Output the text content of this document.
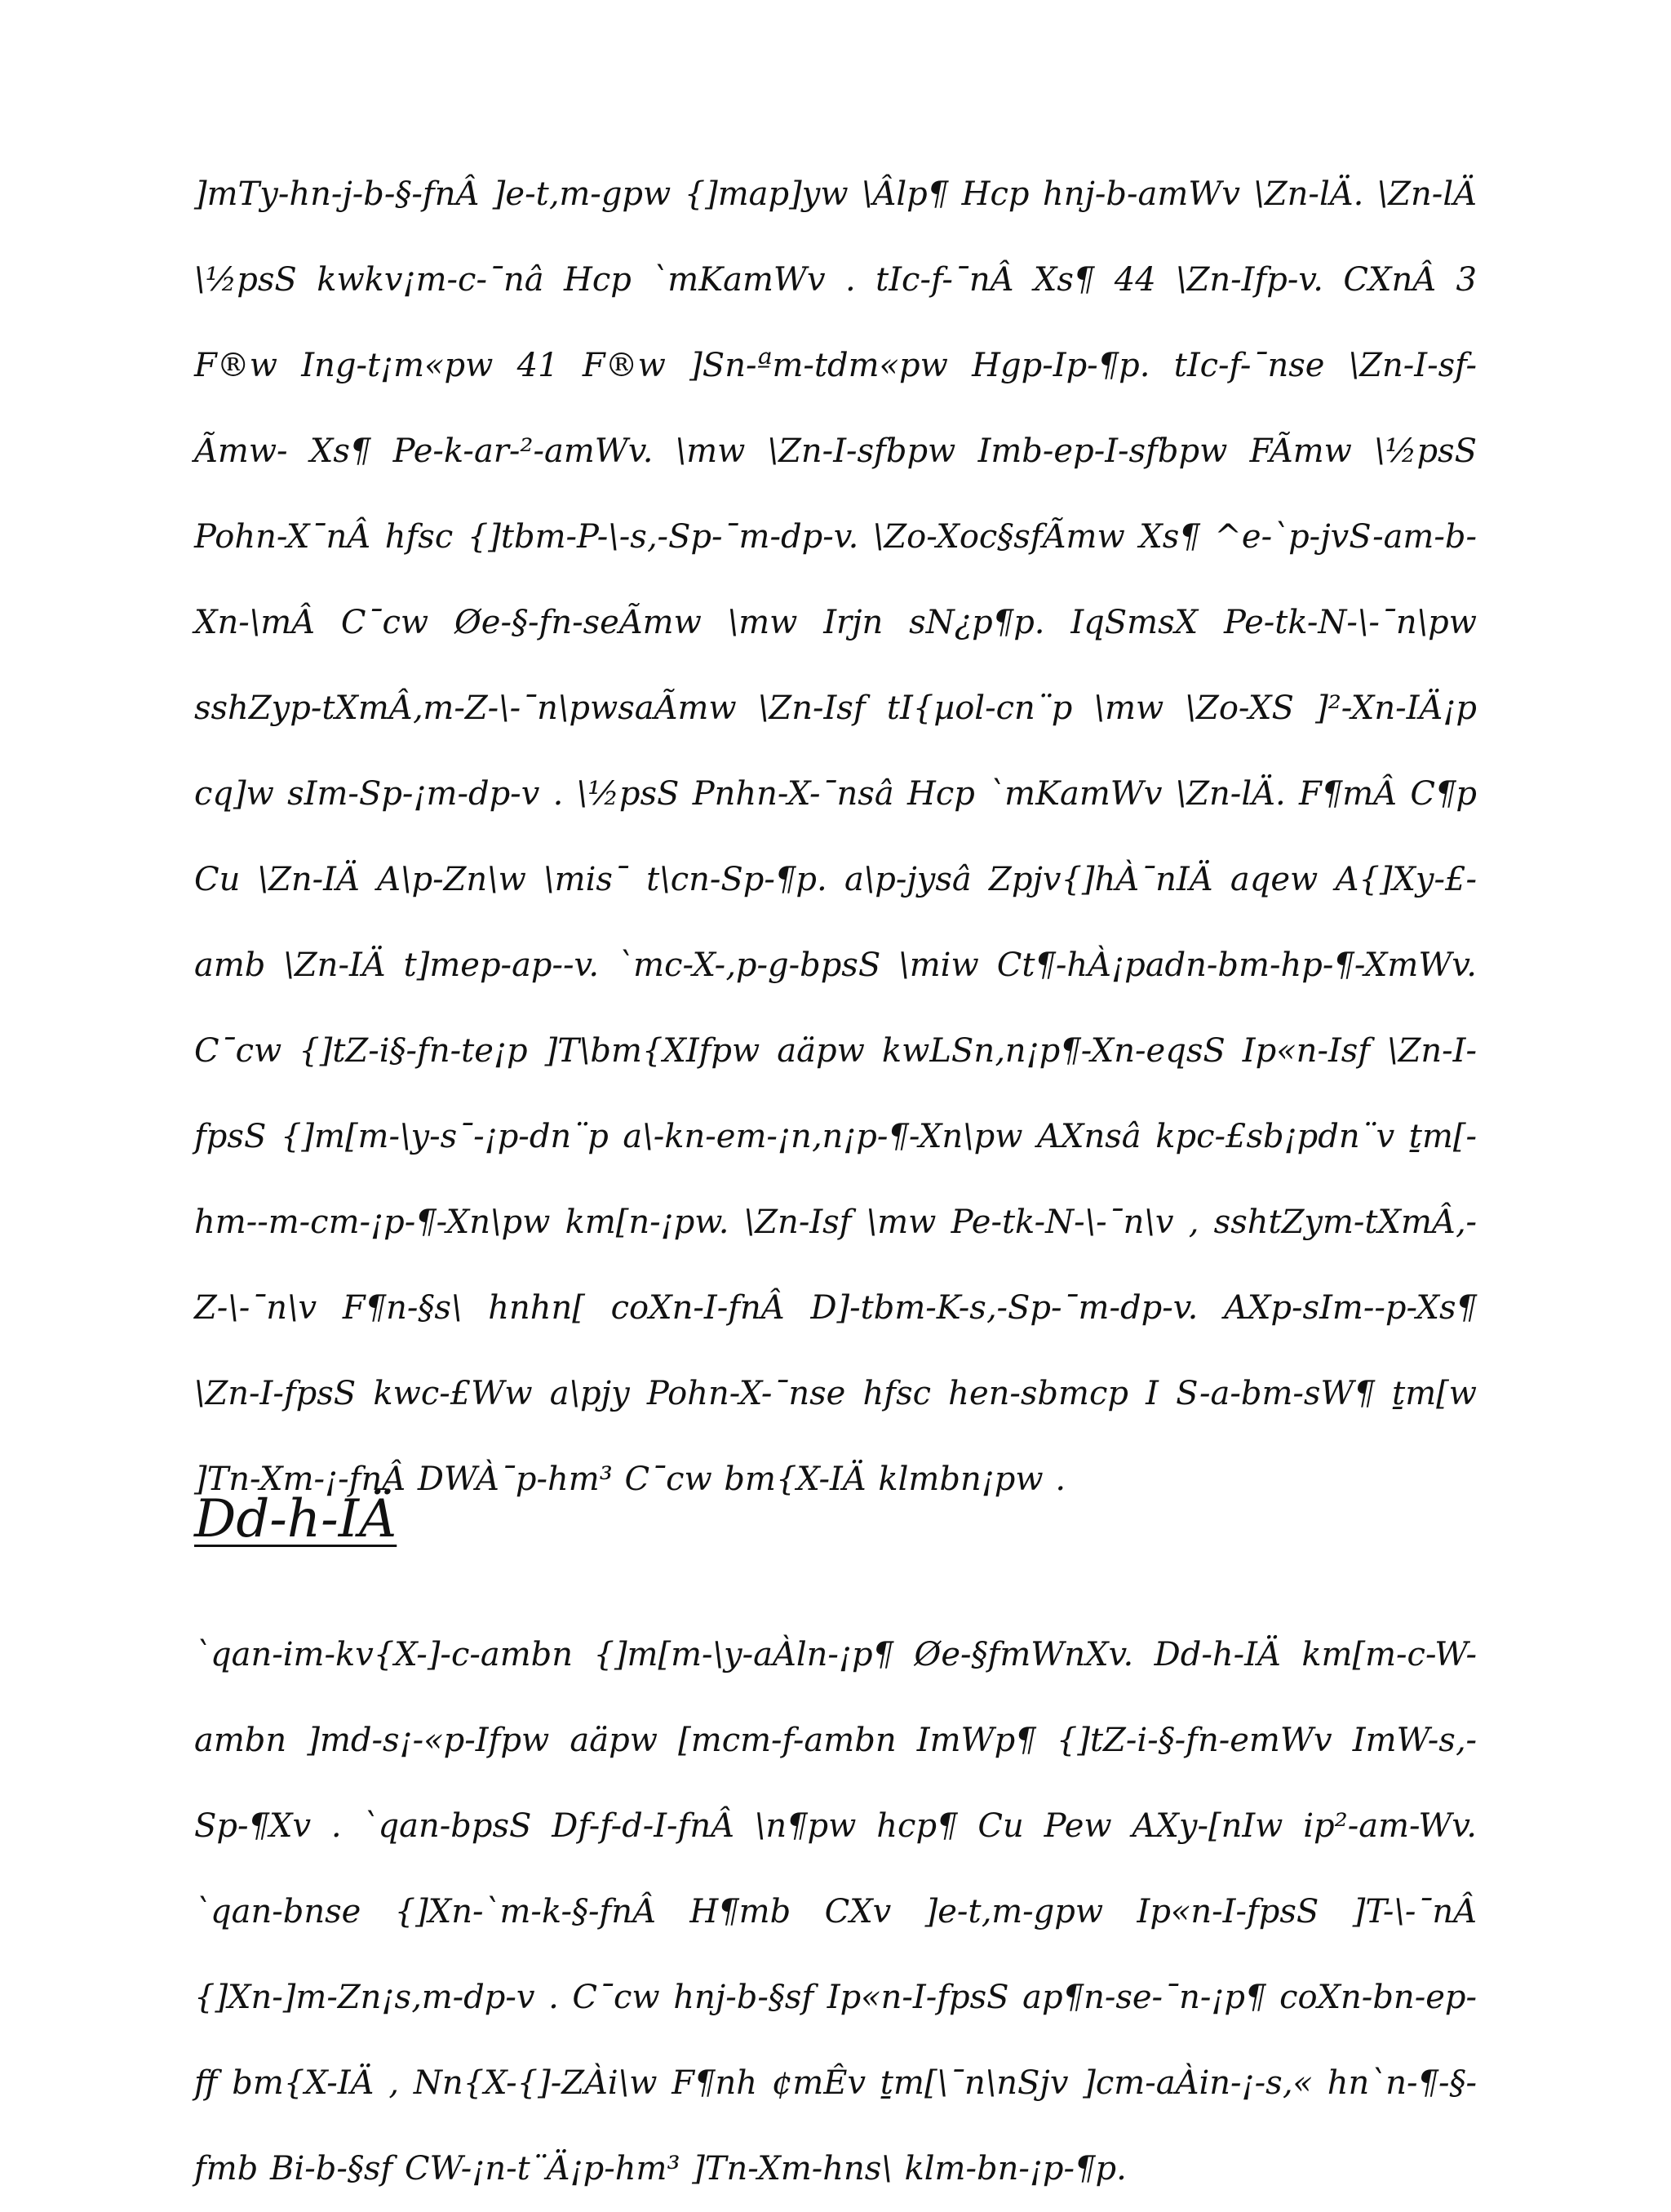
]mTy-hn-j-b-§-fnÂ ]e-t‚m-gpw {]map]yw \Âlp¶ Hcp hnj-b-amWv \Zn-lÄ. \Zn-lÄ \½psS kwkv¡m-c-¯nâ Hcp `mKamWv . tIc-f-¯nÂ Xs¶ 44 \Zn-Ifp-v. CXnÂ 3 F®w Ing-t¡m«pw 41 F®w ]Sn-ªm-tdm«pw Hgp-Ip-¶p. tIc-f-¯nse \Zn-I-sf-Ãmw- Xs¶ Pe-k-ar-²-amWv. \mw \Zn-I-sfbpw Imb-ep-I-sfbpw FÃmw \½psS Pohn-X¯nÂ hfsc {]tbm-P-\-s‚-Sp-¯m-dp-v. \Zo-Xoc§sfÃmw Xs¶ ^e-`p-jvS-am-b-Xn-\mÂ C¯cw Øe-§-fn-seÃmw \mw Irjn sN¿p¶p. IqSmsX Pe-tk-N-\-¯n\pw sshZyp-tXmÂ‚m-Z-\-¯n\pwsaÃmw \Zn-Isf tI{µol-cn¨p \mw \Zo-XS ]²-Xn-IÄ¡p cq]w sIm-Sp-¡m-dp-v . \½psS Pnhn-X-¯nsâ Hcp `mKamWv \Zn-lÄ. F¶mÂ C¶p Cu \Zn-IÄ A\p-Zn\w \mis¯ t\cn-Sp-¶p. a\p-jysâ Zpjv{]hÀ¯nIÄ aqew A{]Xy-£-amb \Zn-IÄ t]mep-ap--v. `mc-X-‚p-g-bpsS \miw Ct¶-hÀ¡padn-bm-hp-¶-XmWv. C¯cw {]tZ-i§-fn-te¡p ]T\bm{XIfpw aäpw kwLSn‚n¡p¶-Xn-eqsS Ip«n-Isf \Zn-I-fpsS {]m[m-\y-s¯-¡p-dn¨p a\-kn-em-¡n‚n¡p-¶-Xn\pw AXnsâ kpc-£sb¡pdn¨v ṯm[-hm--m-cm-¡p-¶-Xn\pw km[n-¡pw. \Zn-Isf \mw Pe-tk-N-\-¯n\v , sshtZym-tXmÂ‚-Z-\-¯n\v F¶n-§s\ hnhn[ coXn-I-fnÂ D]-tbm-K-s‚-Sp-¯m-dp-v. AXp-sIm--p-Xs¶ \Zn-I-fpsS kwc-£Ww a\pjy Pohn-X-¯nse hfsc hen-sbmcp I S-a-bm-sW¶ ṯm[w ]Tn-Xm-¡-fnÂ DWÀ¯p-hm³ C¯cw bm{X-IÄ klmbn¡pw .

Dd-h-IÄ

`qan-im-kv{X-]-c-ambn {]m[m-\y-aÀln-¡p¶ Øe-§fmWnXv. Dd-h-IÄ km[m-c-W-ambn ]md-s¡-«p-Ifpw aäpw [mcm-f-ambn ImWp¶ {]tZ-i-§-fn-emWv ImW-s‚-Sp-¶Xv . `qan-bpsS Df-f-d-I-fnÂ \n¶pw hcp¶ Cu Pew AXy-[nIw ip²-am-Wv. `qan-bnse {]Xn-`m-k-§-fnÂ H¶mb CXv ]e-t‚m-gpw Ip«n-I-fpsS ]T-\-¯nÂ {]Xn-]m-Zn¡s‚m-dp-v . C¯cw hnj-b-§sf Ip«n-I-fpsS ap¶n-se-¯n-¡p¶ coXn-bn-ep-ff bm{X-IÄ , Nn{X-{]-ZÀi\w F¶nh ¢mÊv ṯm[\¯n\nSjv ]cm-aÀin-¡-s‚« hn`n-¶-§-fmb Bi-b-§sf CW-¡n-t¨Ä¡p-hm³ ]Tn-Xm-hns\ klm-bn-¡p-¶p.
